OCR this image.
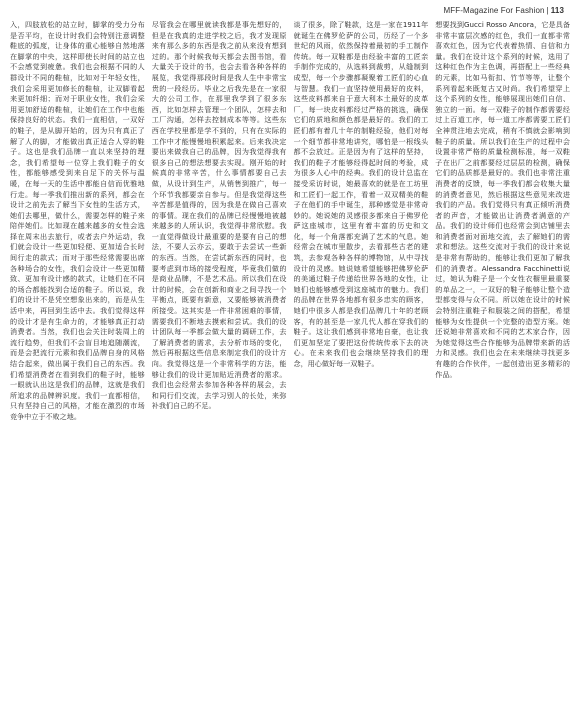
MFF-Magazine For Fashion | 113

入，四肢放松的站立时，脚掌的受力分布是否平均，在设计时我们会特别注意调整鞋底的弧度，让身体的重心能够自然地落在脚掌的中央，这样即使长时间的站立也不会感觉到疲惫。我们也会根据不同的人群设计不同的鞋楦，比如对于年轻女性，我们会采用更加修长的鞋楦，让双脚看起来更加纤细；而对于职业女性，我们会采用更加舒适的鞋楦，让她们在工作中也能保持良好的状态。我们一直相信，一双好的鞋子，是从脚开始的，因为只有真正了解了人的脚，才能做出真正适合人穿的鞋子。这也是我们品牌一直以来坚持的理念，我们希望每一位穿上我们鞋子的女性，都能够感受到来自足下的关怀与温暖，在每一天的生活中都能自信而优雅地行走。每一季我们推出新的系列，都会在设计之前先去了解当下女性的生活方式，她们去哪里，做什么，需要怎样的鞋子来陪伴她们。比如现在越来越多的女性会选择在周末出去旅行，或者去户外运动，我们就会设计一些更加轻便、更加适合长时间行走的款式；而对于那些经常需要出席各种场合的女性，我们会设计一些更加精致、更加有设计感的款式，让她们在不同的场合都能找到合适的鞋子。所以说，我们的设计不是凭空想象出来的，而是从生活中来，再回到生活中去。我们觉得这样的设计才是有生命力的，才能够真正打动消费者。当然，我们也会关注时装周上的流行趋势，但我们不会盲目地追随潮流，而是会把流行元素和我们品牌自身的风格结合起来，做出属于我们自己的东西。我们希望消费者在看到我们的鞋子时，能够一眼就认出这是我们的品牌，这就是我们所追求的品牌辨识度。我们一直都相信，只有坚持自己的风格，才能在激烈的市场竞争中立于不败之地。

尽管我会在哪里就读我都是事先想好的，但是在我真的走进学校之后，我才发现原来有那么多的东西是我之前从来没有想到过的。那个时候我每天都会去图书馆，看大量关于设计的书，也会去看各种各样的展览，我觉得那段时间是我人生中非常宝贵的一段经历。毕业之后我先是在一家很大的公司工作，在那里我学到了很多东西，比如怎样去管理一个团队，怎样去和工厂沟通，怎样去控制成本等等。这些东西在学校里都是学不到的，只有在实际的工作中才能慢慢地积累起来。后来我决定要出来做我自己的品牌，因为我觉得我有很多自己的想法想要去实现。刚开始的时候真的非常辛苦，什么事情都要自己去做，从设计到生产，从销售到推广，每一个环节我都要亲自参与。但是我觉得这些辛苦都是值得的，因为我是在做自己喜欢的事情。现在我们的品牌已经慢慢地被越来越多的人所认识，我觉得非常欣慰。我一直觉得做设计最重要的是要有自己的想法，不要人云亦云，要敢于去尝试一些新的东西。当然，在尝试新东西的同时，也要考虑到市场的接受程度，毕竟我们做的是商业品牌，不是艺术品。所以我们在设计的时候，会在创新和商业之间寻找一个平衡点，既要有新意，又要能够被消费者所接受。这其实是一件非常困难的事情，需要我们不断地去摸索和尝试。我们的设计团队每一季都会做大量的调研工作，去了解消费者的需求，去分析市场的变化，然后再根据这些信息来制定我们的设计方向。我觉得这是一个非常科学的方法，能够让我们的设计更加贴近消费者的需求。我们也会经常去参加各种各样的展会，去和同行们交流，去学习别人的长处，来弥补我们自己的不足。

谈了很多，除了鞋款，这是一家在1911年就诞生在佛罗伦萨的公司，历经了一个多世纪的风雨，依然保持着最初的手工制作传统。每一双鞋都是由经验丰富的工匠亲手制作完成的，从选料到裁剪，从缝制到成型，每一个步骤都凝聚着工匠们的心血与智慧。我们一直坚持使用最好的皮料，这些皮料都来自于意大利本土最好的皮革厂，每一块皮料都经过严格的挑选，确保它们的质地和颜色都是最好的。我们的工匠们都有着几十年的制鞋经验，他们对每一个细节都非常地讲究，哪怕是一根线头都不会放过。正是因为有了这样的坚持，我们的鞋子才能够经得起时间的考验，成为很多人心中的经典。我们的设计总监在接受采访时说，她最喜欢的就是在工坊里和工匠们一起工作，看着一双双精美的鞋子在他们的手中诞生，那种感觉是非常奇妙的。她说她的灵感很多都来自于佛罗伦萨这座城市，这里有着丰富的历史和文化，每一个角落都充满了艺术的气息。她经常会在城市里散步，去看那些古老的建筑，去参观各种各样的博物馆，从中寻找设计的灵感。她说她希望能够把佛罗伦萨的美通过鞋子传递给世界各地的女性，让她们也能够感受到这座城市的魅力。我们的品牌在世界各地都有很多忠实的顾客，她们中很多人都是我们品牌几十年的老顾客，有的甚至是一家几代人都在穿我们的鞋子。这让我们感到非常地自豪，也让我们更加坚定了要把这份传统传承下去的决心。在未来我们也会继续坚持我们的理念，用心做好每一双鞋子。

想要找到Gucci Rosso Ancora，它是具备非常丰富层次感的红色，我们一直都非常喜欢红色，因为它代表着热情、自信和力量。我们在设计这个系列的时候，选用了这种红色作为主色调，再搭配上一些经典的元素，比如马衔扣、竹节等等，让整个系列看起来既复古又时尚。我们希望穿上这个系列的女性，能够展现出她们自信、独立的一面。每一双鞋子的制作都需要经过上百道工序，每一道工序都需要工匠们全神贯注地去完成，稍有不慎就会影响到鞋子的质量。所以我们在生产的过程中会设置非常严格的质量检测标准，每一双鞋子在出厂之前都要经过层层的检测，确保它们的品质都是最好的。我们也非常注重消费者的反馈，每一季我们都会收集大量的消费者意见，然后根据这些意见来改进我们的产品。我们觉得只有真正倾听消费者的声音，才能做出让消费者满意的产品。我们的设计师们也经常会到店铺里去和消费者面对面地交流，去了解她们的需求和想法。这些交流对于我们的设计来说是非常有帮助的，能够让我们更加了解我们的消费者。Alessandra Facchinetti说过，她认为鞋子是一个女性衣橱里最重要的单品之一，一双好的鞋子能够让整个造型都变得与众不同。所以她在设计的时候会特别注重鞋子和服装之间的搭配，希望能够为女性提供一个完整的造型方案。她还说她非常喜欢和不同的艺术家合作，因为她觉得这些合作能够为品牌带来新的活力和灵感。我们也会在未来继续寻找更多有趣的合作伙伴，一起创造出更多精彩的作品。
